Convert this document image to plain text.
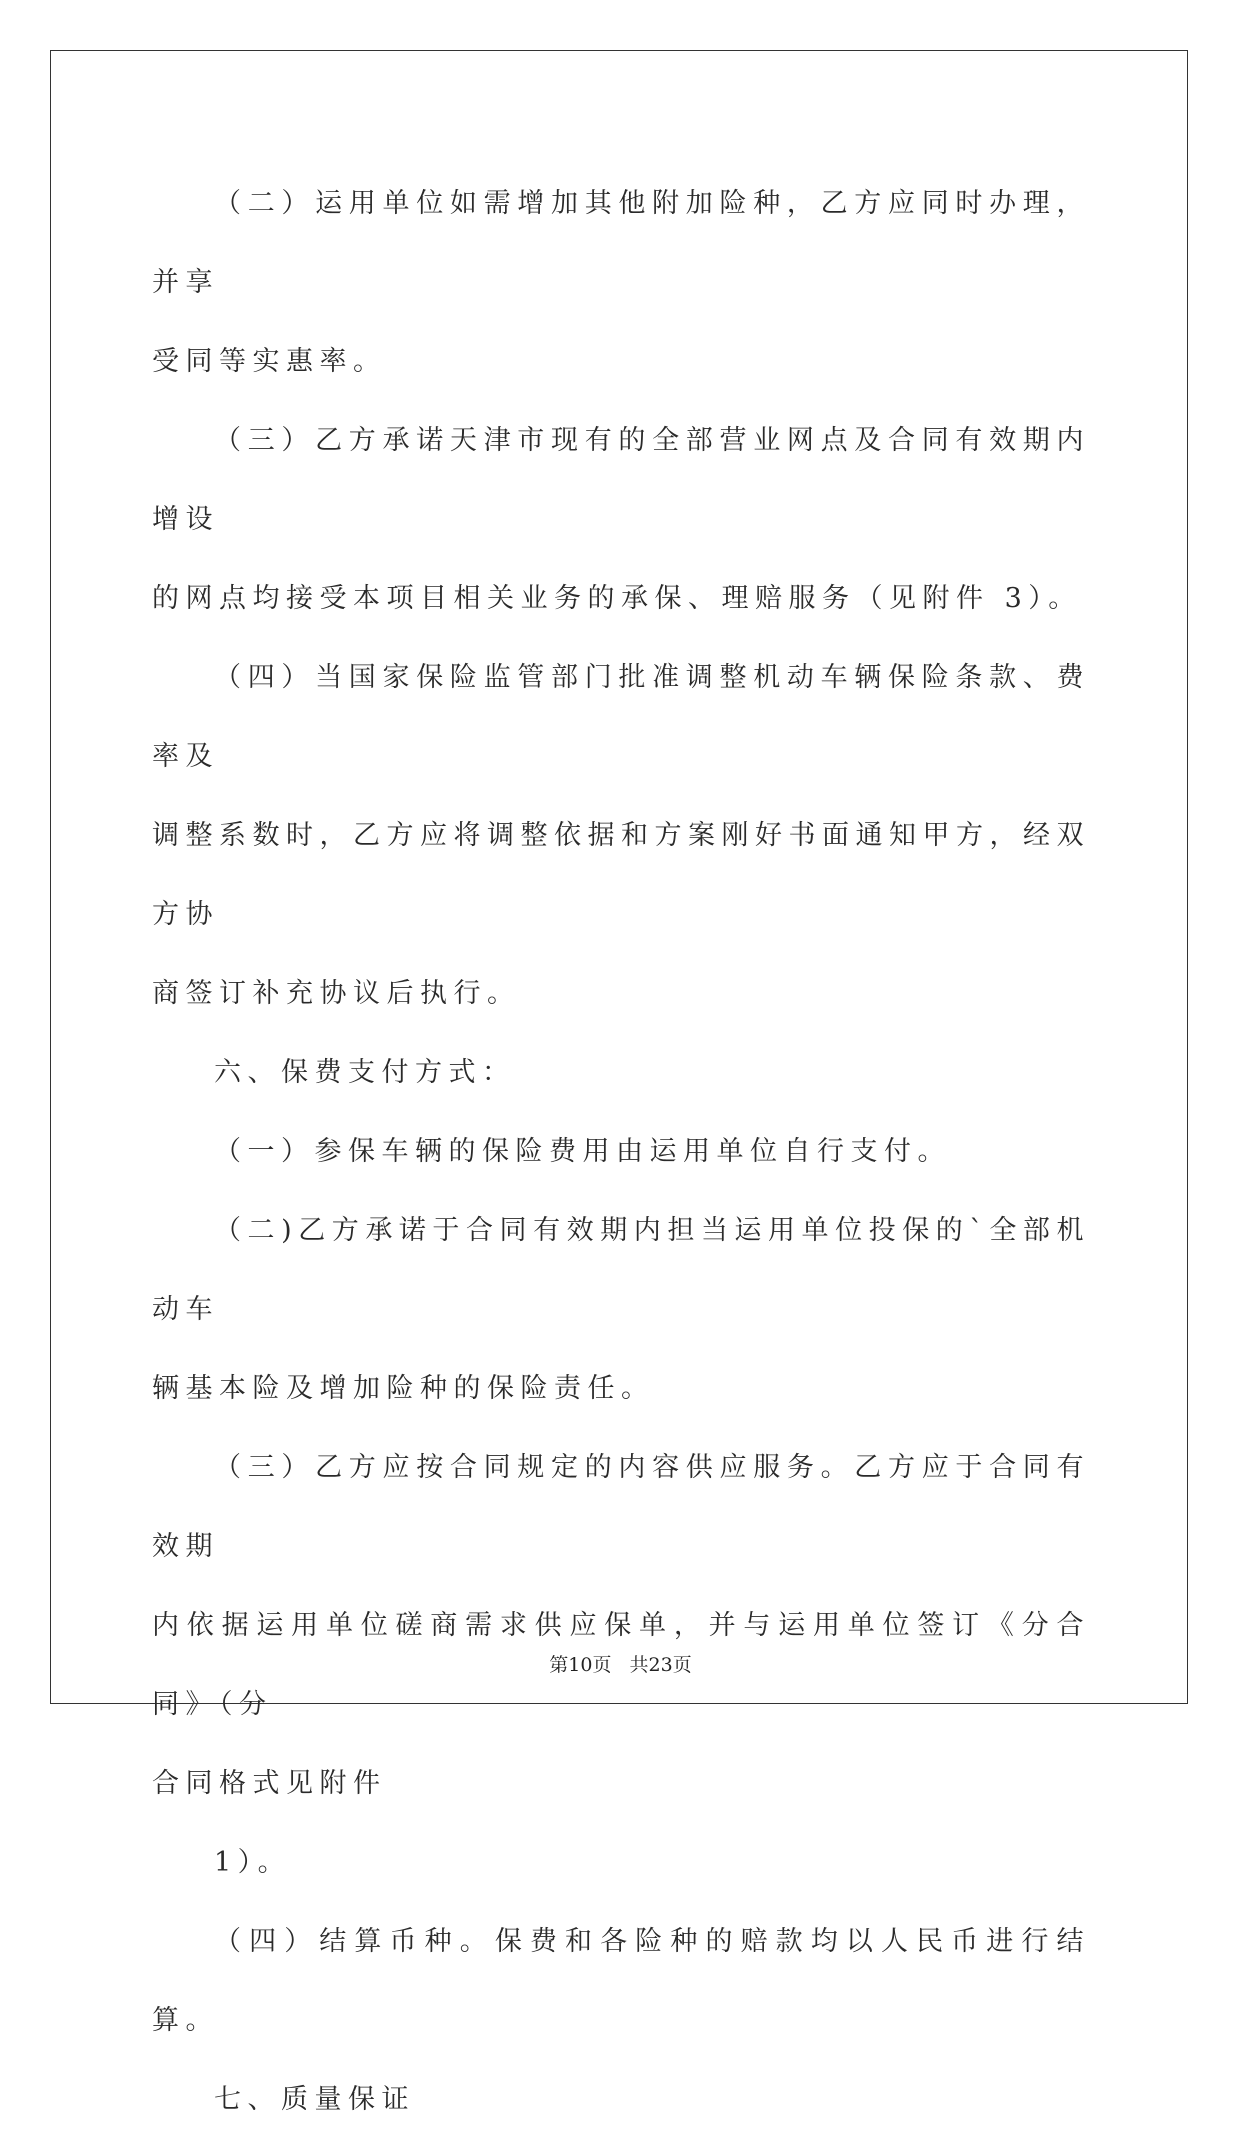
（二）运用单位如需增加其他附加险种，乙方应同时办理，并享
受同等实惠率。

（三）乙方承诺天津市现有的全部营业网点及合同有效期内增设
的网点均接受本项目相关业务的承保、理赔服务（见附件 3）。

（四）当国家保险监管部门批准调整机动车辆保险条款、费率及
调整系数时，乙方应将调整依据和方案刚好书面通知甲方，经双方协
商签订补充协议后执行。

六、保费支付方式：

（一）参保车辆的保险费用由运用单位自行支付。

（二)乙方承诺于合同有效期内担当运用单位投保的`全部机动车
辆基本险及增加险种的保险责任。

（三）乙方应按合同规定的内容供应服务。乙方应于合同有效期
内依据运用单位磋商需求供应保单，并与运用单位签订《分合同》（分
合同格式见附件

1）。

（四）结算币种。保费和各险种的赔款均以人民币进行结算。

七、质量保证

第10页 共23页
